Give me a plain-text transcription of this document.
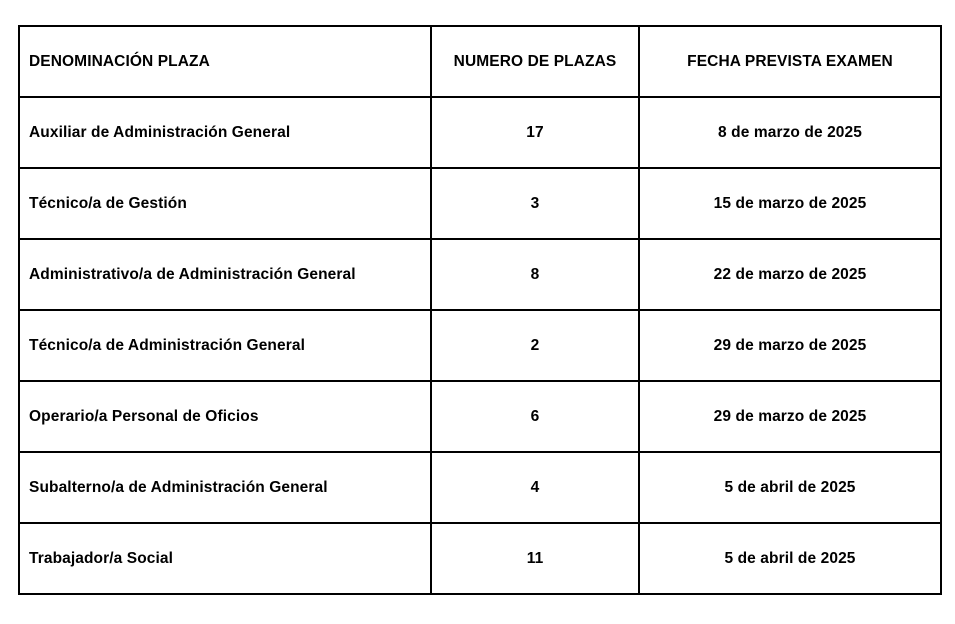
DENOMINACIÓN PLAZA	NUMERO DE PLAZAS	FECHA PREVISTA EXAMEN
Auxiliar de Administración General	17	8 de marzo de 2025
Técnico/a de Gestión	3	15 de marzo de 2025
Administrativo/a de Administración General	8	22 de marzo de 2025
Técnico/a de Administración General	2	29 de marzo de 2025
Operario/a Personal de Oficios	6	29 de marzo de 2025
Subalterno/a de Administración General	4	5 de abril de 2025
Trabajador/a Social	11	5 de abril de 2025
